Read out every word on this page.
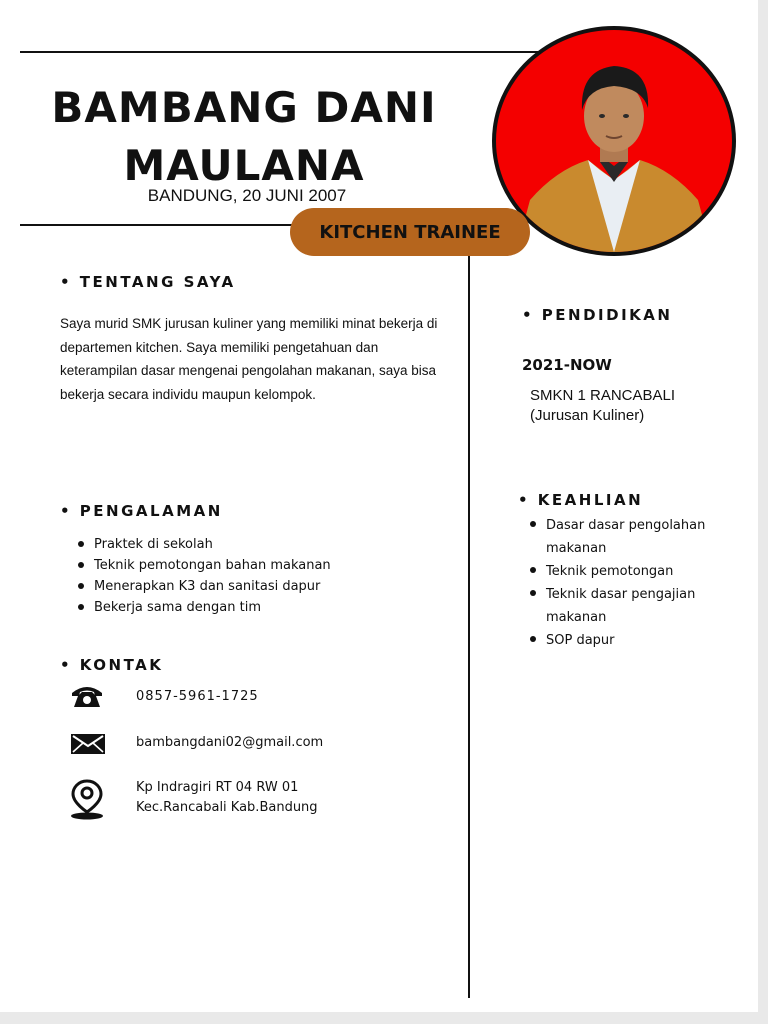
BAMBANG DANI
MAULANA
BANDUNG, 20 JUNI 2007
KITCHEN TRAINEE
• TENTANG SAYA
Saya murid SMK jurusan kuliner yang memiliki minat bekerja di departemen kitchen. Saya memiliki pengetahuan dan keterampilan dasar mengenai pengolahan makanan, saya bisa bekerja secara individu maupun kelompok.
• PENGALAMAN
Praktek di sekolah
Teknik pemotongan bahan makanan
Menerapkan K3 dan sanitasi dapur
Bekerja sama dengan tim
• KONTAK
0857-5961-1725
bambangdani02@gmail.com
Kp Indragiri RT 04 RW 01
Kec.Rancabali Kab.Bandung
• PENDIDIKAN
2021-NOW
SMKN 1 RANCABALI
(Jurusan Kuliner)
• KEAHLIAN
Dasar dasar pengolahan makanan
Teknik pemotongan
Teknik dasar pengajian makanan
SOP dapur
